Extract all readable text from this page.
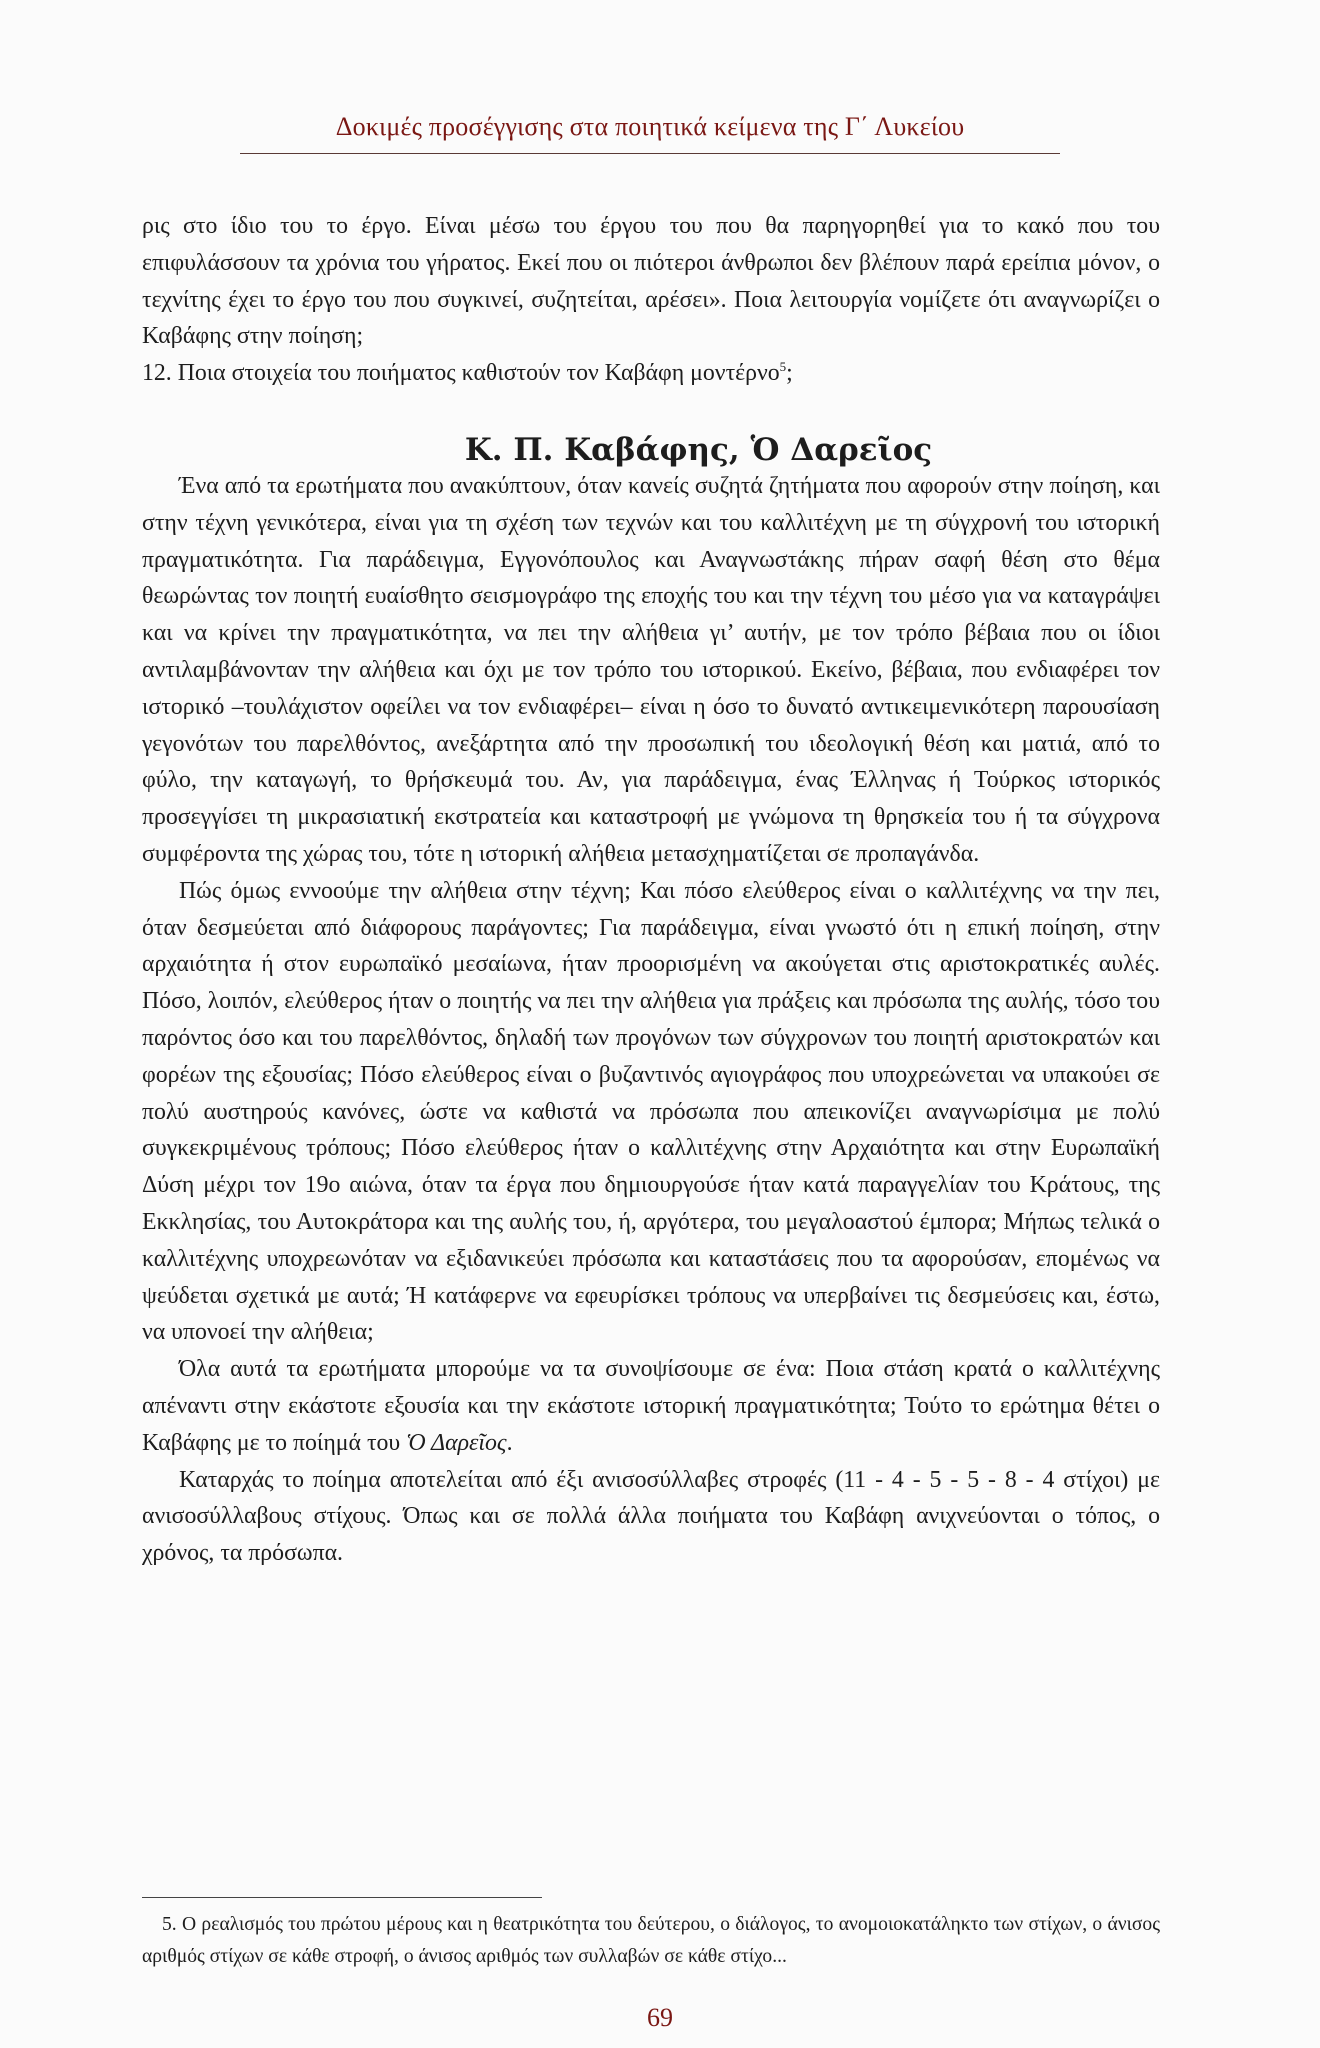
Δοκιμές προσέγγισης στα ποιητικά κείμενα της Γ΄ Λυκείου

ρις στο ίδιο του το έργο. Είναι μέσω του έργου του που θα παρηγορηθεί για το κακό που του επιφυλάσσουν τα χρόνια του γήρατος. Εκεί που οι πιότεροι άνθρωποι δεν βλέπουν παρά ερείπια μόνον, ο τεχνίτης έχει το έργο του που συγκινεί, συζητείται, αρέσει». Ποια λειτουργία νομίζετε ότι αναγνωρίζει ο Καβάφης στην ποίηση;

12. Ποια στοιχεία του ποιήματος καθιστούν τον Καβάφη μοντέρνο$^5$;

Κ. Π. Καβάφης, Ὁ Δαρεῖος

Ένα από τα ερωτήματα που ανακύπτουν, όταν κανείς συζητά ζητήματα που αφορούν στην ποίηση, και στην τέχνη γενικότερα, είναι για τη σχέση των τεχνών και του καλλιτέχνη με τη σύγχρονή του ιστορική πραγματικότητα. Για παράδειγμα, Εγγονόπουλος και Αναγνωστάκης πήραν σαφή θέση στο θέμα θεωρώντας τον ποιητή ευαίσθητο σεισμογράφο της εποχής του και την τέχνη του μέσο για να καταγράψει και να κρίνει την πραγματικότητα, να πει την αλήθεια γι’ αυτήν, με τον τρόπο βέβαια που οι ίδιοι αντιλαμβάνονταν την αλήθεια και όχι με τον τρόπο του ιστορικού. Εκείνο, βέβαια, που ενδιαφέρει τον ιστορικό –τουλάχιστον οφείλει να τον ενδιαφέρει– είναι η όσο το δυνατό αντικειμενικότερη παρουσίαση γεγονότων του παρελθόντος, ανεξάρτητα από την προσωπική του ιδεολογική θέση και ματιά, από το φύλο, την καταγωγή, το θρήσκευμά του. Αν, για παράδειγμα, ένας Έλληνας ή Τούρκος ιστορικός προσεγγίσει τη μικρασιατική εκστρατεία και καταστροφή με γνώμονα τη θρησκεία του ή τα σύγχρονα συμφέροντα της χώρας του, τότε η ιστορική αλήθεια μετασχηματίζεται σε προπαγάνδα.

Πώς όμως εννοούμε την αλήθεια στην τέχνη; Και πόσο ελεύθερος είναι ο καλλιτέχνης να την πει, όταν δεσμεύεται από διάφορους παράγοντες; Για παράδειγμα, είναι γνωστό ότι η επική ποίηση, στην αρχαιότητα ή στον ευρωπαϊκό μεσαίωνα, ήταν προορισμένη να ακούγεται στις αριστοκρατικές αυλές. Πόσο, λοιπόν, ελεύθερος ήταν ο ποιητής να πει την αλήθεια για πράξεις και πρόσωπα της αυλής, τόσο του παρόντος όσο και του παρελθόντος, δηλαδή των προγόνων των σύγχρονων του ποιητή αριστοκρατών και φορέων της εξουσίας; Πόσο ελεύθερος είναι ο βυζαντινός αγιογράφος που υποχρεώνεται να υπακούει σε πολύ αυστηρούς κανόνες, ώστε να καθιστά να πρόσωπα που απεικονίζει αναγνωρίσιμα με πολύ συγκεκριμένους τρόπους; Πόσο ελεύθερος ήταν ο καλλιτέχνης στην Αρχαιότητα και στην Ευρωπαϊκή Δύση μέχρι τον 19ο αιώνα, όταν τα έργα που δημιουργούσε ήταν κατά παραγγελίαν του Κράτους, της Εκκλησίας, του Αυτοκράτορα και της αυλής του, ή, αργότερα, του μεγαλοαστού έμπορα; Μήπως τελικά ο καλλιτέχνης υποχρεωνόταν να εξιδανικεύει πρόσωπα και καταστάσεις που τα αφορούσαν, επομένως να ψεύδεται σχετικά με αυτά; Ή κατάφερνε να εφευρίσκει τρόπους να υπερβαίνει τις δεσμεύσεις και, έστω, να υπονοεί την αλήθεια;

Όλα αυτά τα ερωτήματα μπορούμε να τα συνοψίσουμε σε ένα: Ποια στάση κρατά ο καλλιτέχνης απέναντι στην εκάστοτε εξουσία και την εκάστοτε ιστορική πραγματικότητα; Τούτο το ερώτημα θέτει ο Καβάφης με το ποίημά του Ὁ Δαρεῖος.

Καταρχάς το ποίημα αποτελείται από έξι ανισοσύλλαβες στροφές (11 - 4 - 5 - 5 - 8 - 4 στίχοι) με ανισοσύλλαβους στίχους. Όπως και σε πολλά άλλα ποιήματα του Καβάφη ανιχνεύονται ο τόπος, ο χρόνος, τα πρόσωπα.

5. Ο ρεαλισμός του πρώτου μέρους και η θεατρικότητα του δεύτερου, ο διάλογος, το ανομοιοκατάληκτο των στίχων, ο άνισος αριθμός στίχων σε κάθε στροφή, ο άνισος αριθμός των συλλαβών σε κάθε στίχο...

69
